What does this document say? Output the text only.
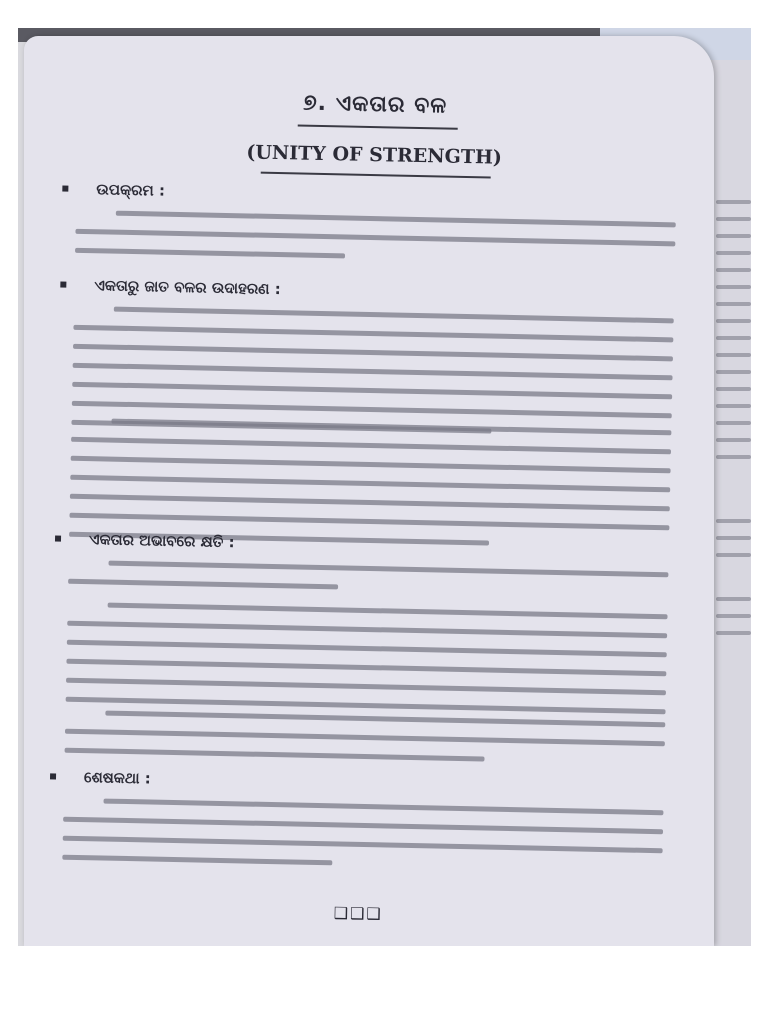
୭. ଏକତାର ବଳ
(UNITY OF STRENGTH)
ଉପକ୍ରମ :
ଏକତାରୁ ଜାତ ବଳର ଉଦାହରଣ :
ଏକତାର ଅଭାବରେ କ୍ଷତି :
ଶେଷକଥା :
❑❑❑
